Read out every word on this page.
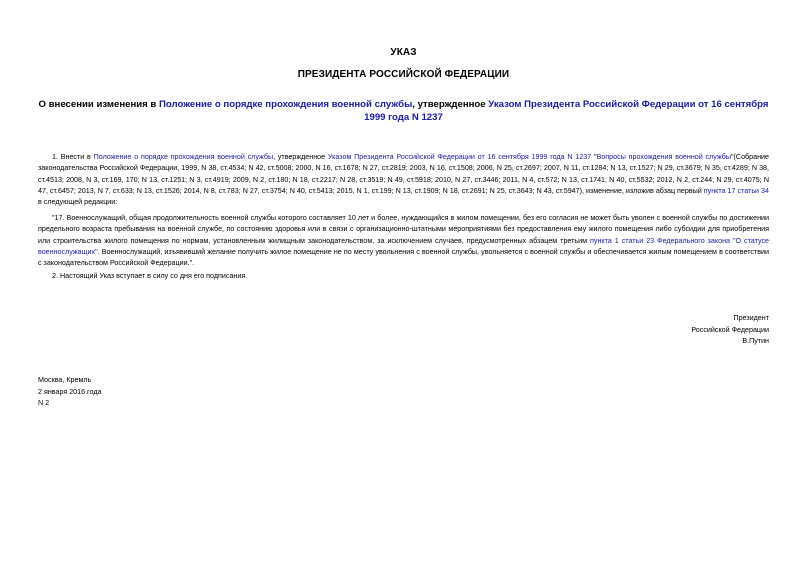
УКАЗ
ПРЕЗИДЕНТА РОССИЙСКОЙ ФЕДЕРАЦИИ
О внесении изменения в Положение о порядке прохождения военной службы, утвержденное Указом Президента Российской Федерации от 16 сентября 1999 года N 1237
1. Внести в Положение о порядке прохождения военной службы, утвержденное Указом Президента Российской Федерации от 16 сентября 1999 года N 1237 "Вопросы прохождения военной службы"(Собрание законодательства Российской Федерации, 1999, N 38, ст.4534; N 42, ст.5008; 2000, N 16, ст.1678; N 27, ст.2819; 2003, N 16, ст.1508; 2006, N 25, ст.2697; 2007, N 11, ст.1284; N 13, ст.1527; N 29, ст.3679; N 35, ст.4289; N 38, ст.4513; 2008, N 3, ст.169, 170; N 13, ст.1251; N 3, ст.4919; 2009, N 2, ст.180; N 18, ст.2217; N 28, ст.3519; N 49, ст.5918; 2010, N 27, ст.3446; 2011, N 4, ст.572; N 13, ст.1741; N 40, ст.5532; 2012, N 2, ст.244; N 29, ст.4075; N 47, ст.6457; 2013, N 7, ст.633; N 13, ст.1526; 2014, N 8, ст.783; N 27, ст.3754; N 40, ст.5413; 2015, N 1, ст.199; N 13, ст.1909; N 18, ст.2691; N 25, ст.3643; N 43, ст.5947), изменение, изложив абзац первый пункта 17 статьи 34 в следующей редакции:
"17. Военнослужащий, общая продолжительность военной службы которого составляет 10 лет и более, нуждающийся в жилом помещении, без его согласия не может быть уволен с военной службы по достижении предельного возраста пребывания на военной службе, по состоянию здоровья или в связи с организационно-штатными мероприятиями без предоставления ему жилого помещения либо субсидии для приобретения или строительства жилого помещения по нормам, установленным жилищным законодательством, за исключением случаев, предусмотренных абзацем третьим пункта 1 статьи 23 Федерального закона "О статусе военнослужащих". Военнослужащий, изъявивший желание получить жилое помещение не по месту увольнения с военной службы, увольняется с военной службы и обеспечивается жилым помещением в соответствии с законодательством Российской Федерации.".
2. Настоящий Указ вступает в силу со дня его подписания.
Президент
Российской Федерации
В.Путин
Москва, Кремль
2 января 2016 года
N 2
